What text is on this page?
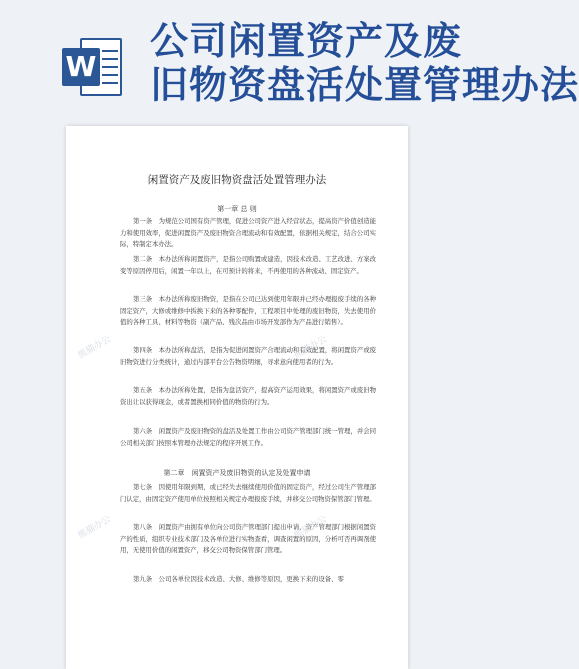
W
公司闲置资产及废
旧物资盘活处置管理办法
闲置资产及废旧物资盘活处置管理办法
第一章 总 则
第一条　为规范公司国有资产管理，促进公司资产进入经营状态，提高资产价值创造能力和使用效率，促进闲置资产及废旧物资合理流动和有效配置，依据相关规定，结合公司实际，特制定本办法。
第二条　本办法所称闲置资产，是指公司购置或建造，因技术改造、工艺改进、方案改变等原因停用后，闲置一年以上，在可预计的将来，不再使用的各种流动、固定资产。
第三条　本办法所称废旧物资，是指在公司已达到使用年限并已经办理报废手续的各种固定资产，大修或维修中拆换下来的各种零配件，工程项目中处理的废旧物资，失去使用价值的各种工具、材料等物资（副产品、残次品由市场开发部作为产品进行销售）。
第四条　本办法所称盘活，是指为促进闲置资产合理流动和有效配置，将闲置资产或废旧物资进行分类统计，通过内部平台公告物资明细，寻求意向使用者的行为。
第五条　本办法所称处置，是指为盘活资产，提高资产运用效果，将闲置资产或废旧物资出让以获得现金，或者置换相同价值的物资的行为。
第六条　闲置资产及废旧物资的盘活及处置工作由公司资产管理部门统一管理，并会同公司相关部门按照本管理办法规定的程序开展工作。
第二章　闲置资产及废旧物资的认定及处置申请
第七条　因使用年限到期，或已经失去继续使用价值的固定资产，经过公司生产管理部门认定，由固定资产使用单位按照相关规定办理报废手续，并移交公司物资保管部门管理。
第八条　闲置资产由拥有单位向公司资产管理部门提出申请，资产管理部门根据闲置资产的性质，组织专业技术部门及各单位进行实物查看，调查闲置的原因，分析可否再调剂使用，无使用价值的闲置资产，移交公司物资保管部门管理。
第九条　公司各单位因技术改造、大修、维修等原因，更换下来的设备、零
熊猫办公	熊猫办公
熊猫办公	熊猫办公
